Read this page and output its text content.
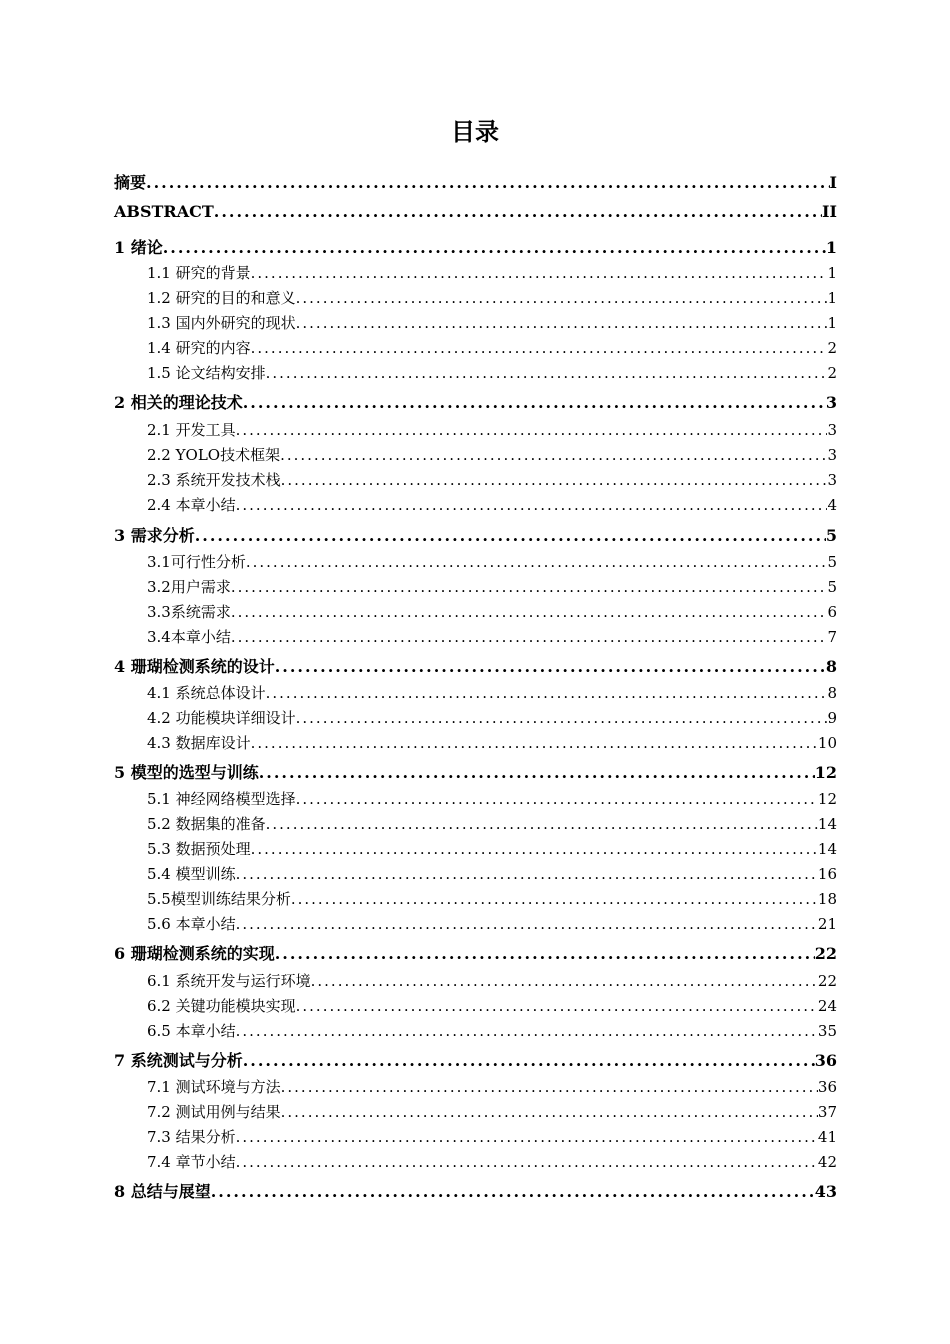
目录
摘要 .....	I
ABSTRACT .....	II
1 绪论 .....	1
1.1 研究的背景 .....	1
1.2 研究的目的和意义 .....	1
1.3 国内外研究的现状 .....	1
1.4 研究的内容 .....	2
1.5 论文结构安排 .....	2
2 相关的理论技术 .....	3
2.1 开发工具 .....	3
2.2 YOLO技术框架 .....	3
2.3 系统开发技术栈 .....	3
2.4 本章小结 .....	4
3 需求分析 .....	5
3.1可行性分析 .....	5
3.2用户需求 .....	5
3.3系统需求 .....	6
3.4本章小结 .....	7
4 珊瑚检测系统的设计 .....	8
4.1 系统总体设计 .....	8
4.2 功能模块详细设计 .....	9
4.3 数据库设计 .....	10
5 模型的选型与训练 .....	12
5.1 神经网络模型选择 .....	12
5.2 数据集的准备 .....	14
5.3 数据预处理 .....	14
5.4 模型训练 .....	16
5.5模型训练结果分析 .....	18
5.6 本章小结 .....	21
6 珊瑚检测系统的实现 .....	22
6.1 系统开发与运行环境 .....	22
6.2 关键功能模块实现 .....	24
6.5 本章小结 .....	35
7 系统测试与分析 .....	36
7.1 测试环境与方法 .....	36
7.2 测试用例与结果 .....	37
7.3 结果分析 .....	41
7.4 章节小结 .....	42
8 总结与展望 .....	43
